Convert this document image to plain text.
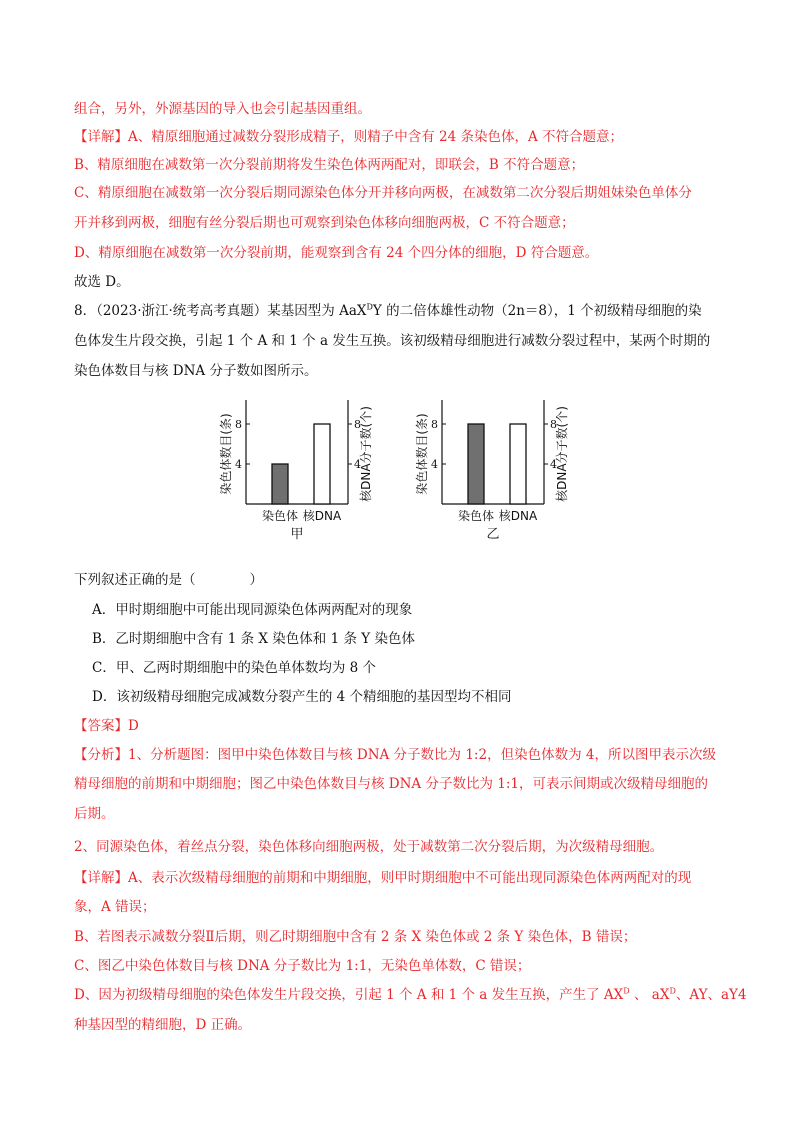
组合，另外，外源基因的导入也会引起基因重组。
【详解】A、精原细胞通过减数分裂形成精子，则精子中含有 24 条染色体，A 不符合题意；
B、精原细胞在减数第一次分裂前期将发生染色体两两配对，即联会，B 不符合题意；
C、精原细胞在减数第一次分裂后期同源染色体分开并移向两极，在减数第二次分裂后期姐妹染色单体分
开并移到两极，细胞有丝分裂后期也可观察到染色体移向细胞两极，C 不符合题意；
D、精原细胞在减数第一次分裂前期，能观察到含有 24 个四分体的细胞，D 符合题意。
故选 D。
8．（2023·浙江·统考高考真题）某基因型为 AaX$^D$Y 的二倍体雄性动物（2n＝8），1 个初级精母细胞的染
色体发生片段交换，引起 1 个 A 和 1 个 a 发生互换。该初级精母细胞进行减数分裂过程中，某两个时期的
染色体数目与核 DNA 分子数如图所示。
4	4
8	8
染色体数目(条)	核DNA分子数(个)
染色体 核DNA
甲
4	4
8	8
染色体数目(条)	核DNA分子数(个)
染色体 核DNA
乙
下列叙述正确的是（　　　　）
A．甲时期细胞中可能出现同源染色体两两配对的现象
B．乙时期细胞中含有 1 条 X 染色体和 1 条 Y 染色体
C．甲、乙两时期细胞中的染色单体数均为 8 个
D．该初级精母细胞完成减数分裂产生的 4 个精细胞的基因型均不相同
【答案】D
【分析】1、分析题图：图甲中染色体数目与核 DNA 分子数比为 1:2，但染色体数为 4，所以图甲表示次级
精母细胞的前期和中期细胞；图乙中染色体数目与核 DNA 分子数比为 1:1，可表示间期或次级精母细胞的
后期。
2、同源染色体，着丝点分裂，染色体移向细胞两极，处于减数第二次分裂后期，为次级精母细胞。
【详解】A、表示次级精母细胞的前期和中期细胞，则甲时期细胞中不可能出现同源染色体两两配对的现
象，A 错误；
B、若图表示减数分裂Ⅱ后期，则乙时期细胞中含有 2 条 X 染色体或 2 条 Y 染色体，B 错误；
C、图乙中染色体数目与核 DNA 分子数比为 1:1，无染色单体数，C 错误；
D、因为初级精母细胞的染色体发生片段交换，引起 1 个 A 和 1 个 a 发生互换，产生了 $AX^D$ 、 $aX^D$、AY、aY4
种基因型的精细胞，D 正确。
